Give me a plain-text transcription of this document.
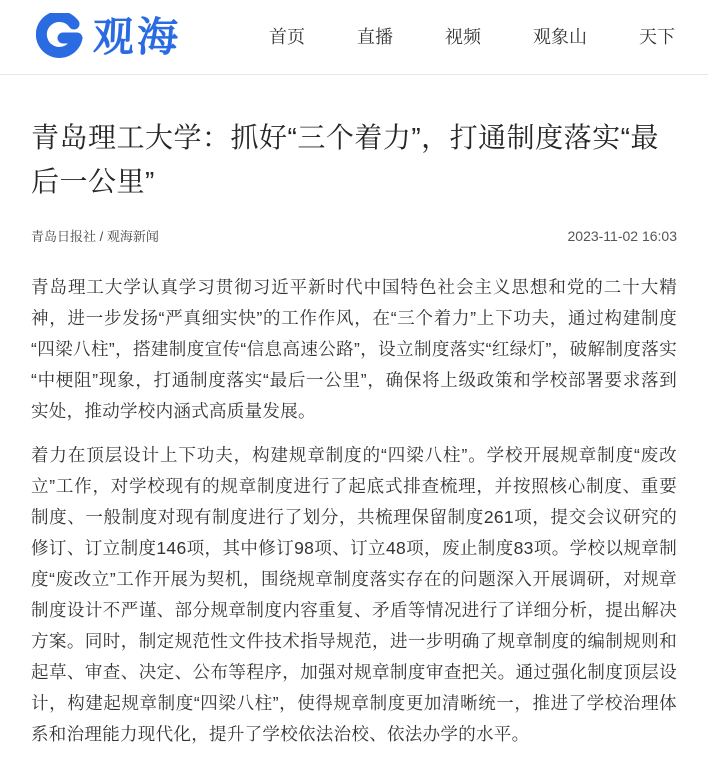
观海	首页	直播	视频	观象山	天下
青岛理工大学：抓好“三个着力”，打通制度落实“最后一公里”
青岛日报社 / 观海新闻	2023-11-02 16:03

青岛理工大学认真学习贯彻习近平新时代中国特色社会主义思想和党的二十大精神，进一步发扬“严真细实快”的工作作风，在“三个着力”上下功夫，通过构建制度“四梁八柱”，搭建制度宣传“信息高速公路”，设立制度落实“红绿灯”，破解制度落实“中梗阻”现象，打通制度落实“最后一公里”，确保将上级政策和学校部署要求落到实处，推动学校内涵式高质量发展。

着力在顶层设计上下功夫，构建规章制度的“四梁八柱”。学校开展规章制度“废改立”工作，对学校现有的规章制度进行了起底式排查梳理，并按照核心制度、重要制度、一般制度对现有制度进行了划分，共梳理保留制度261项，提交会议研究的修订、订立制度146项，其中修订98项、订立48项，废止制度83项。学校以规章制度“废改立”工作开展为契机，围绕规章制度落实存在的问题深入开展调研，对规章制度设计不严谨、部分规章制度内容重复、矛盾等情况进行了详细分析，提出解决方案。同时，制定规范性文件技术指导规范，进一步明确了规章制度的编制规则和起草、审查、决定、公布等程序，加强对规章制度审查把关。通过强化制度顶层设计，构建起规章制度“四梁八柱”，使得规章制度更加清晰统一，推进了学校治理体系和治理能力现代化，提升了学校依法治校、依法办学的水平。
